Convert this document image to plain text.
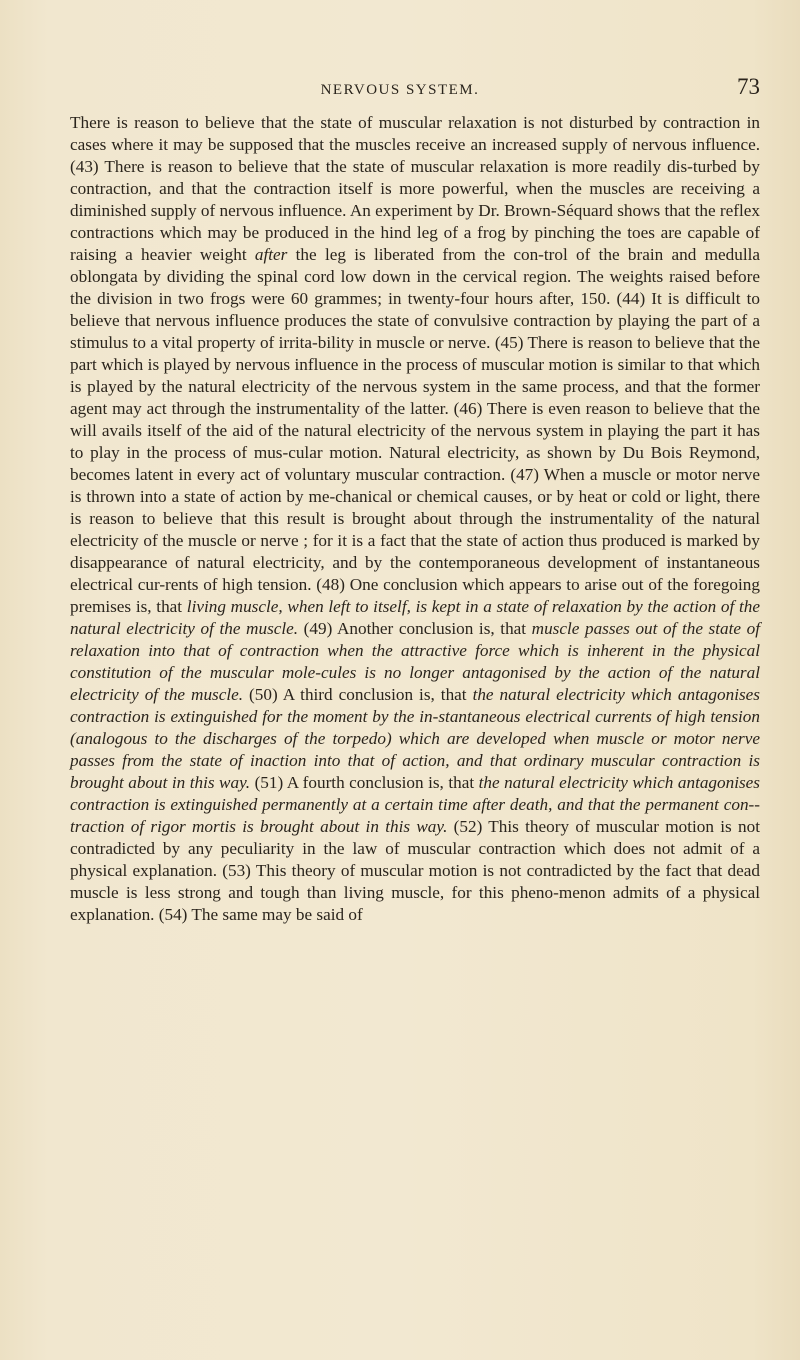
NERVOUS SYSTEM.	73
There is reason to believe that the state of muscular relaxation is not disturbed by contraction in cases where it may be supposed that the muscles receive an increased supply of nervous influence. (43) There is reason to believe that the state of muscular relaxation is more readily dis-turbed by contraction, and that the contraction itself is more powerful, when the muscles are receiving a diminished supply of nervous influence. An experiment by Dr. Brown-Séquard shows that the reflex contractions which may be produced in the hind leg of a frog by pinching the toes are capable of raising a heavier weight after the leg is liberated from the con-trol of the brain and medulla oblongata by dividing the spinal cord low down in the cervical region. The weights raised before the division in two frogs were 60 grammes; in twenty-four hours after, 150. (44) It is difficult to believe that nervous influence produces the state of convulsive contraction by playing the part of a stimulus to a vital property of irrita-bility in muscle or nerve. (45) There is reason to believe that the part which is played by nervous influence in the process of muscular motion is similar to that which is played by the natural electricity of the nervous system in the same process, and that the former agent may act through the instrumentality of the latter. (46) There is even reason to believe that the will avails itself of the aid of the natural electricity of the nervous system in playing the part it has to play in the process of mus-cular motion. Natural electricity, as shown by Du Bois Reymond, becomes latent in every act of voluntary muscular contraction. (47) When a muscle or motor nerve is thrown into a state of action by me-chanical or chemical causes, or by heat or cold or light, there is reason to believe that this result is brought about through the instrumentality of the natural electricity of the muscle or nerve ; for it is a fact that the state of action thus produced is marked by disappearance of natural electricity, and by the contemporaneous development of instantaneous electrical cur-rents of high tension. (48) One conclusion which appears to arise out of the foregoing premises is, that living muscle, when left to itself, is kept in a state of relaxation by the action of the natural electricity of the muscle. (49) Another conclusion is, that muscle passes out of the state of relaxation into that of contraction when the attractive force which is inherent in the physical constitution of the muscular mole-cules is no longer antagonised by the action of the natural electricity of the muscle. (50) A third conclusion is, that the natural electricity which antagonises contraction is extinguished for the moment by the in-stantaneous electrical currents of high tension (analogous to the discharges of the torpedo) which are developed when muscle or motor nerve passes from the state of inaction into that of action, and that ordinary muscular contraction is brought about in this way. (51) A fourth conclusion is, that the natural electricity which antagonises contraction is extinguished permanently at a certain time after death, and that the permanent con-traction of rigor mortis is brought about in this way. (52) This theory of muscular motion is not contradicted by any peculiarity in the law of muscular contraction which does not admit of a physical explanation. (53) This theory of muscular motion is not contradicted by the fact that dead muscle is less strong and tough than living muscle, for this pheno-menon admits of a physical explanation. (54) The same may be said of
